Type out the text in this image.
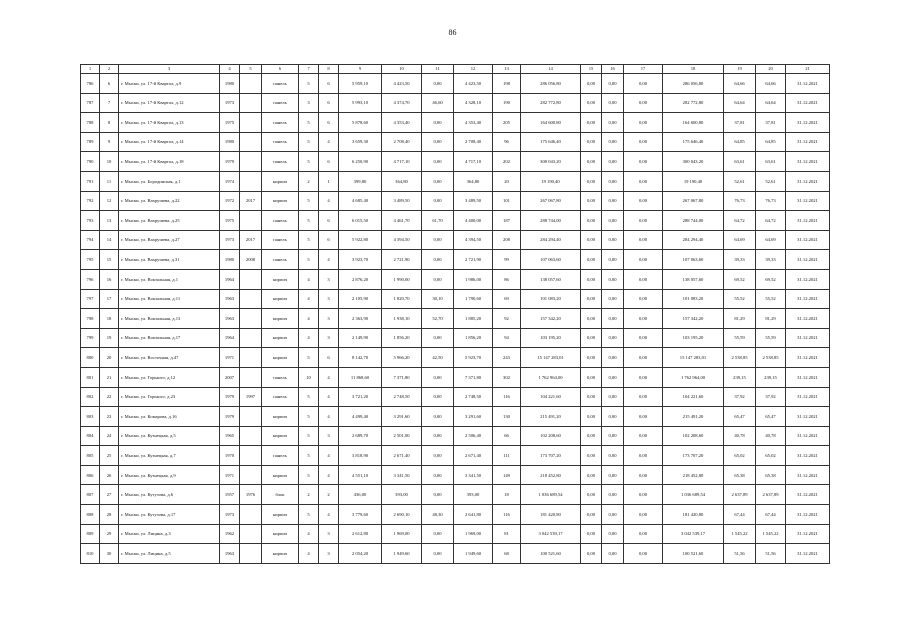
86
1	2	3	4	5	6	7	8	9	10	11	12	13	14	15	16	17	18	19	20	21
786	6	г. Мыски, ул. 17-й Квартал, д.9	1980		панель	5	6	5 959,10	4 423,50	0,00	4 423,50	198	286 056,80	0,00	0,00	0,00	286 056,80	64,66	64,66	31.12.2021
787	7	г. Мыски, ул. 17-й Квартал, д.12	1973		панель	3	6	5 993,10	4 374,70	46,60	4 328,10	190	282 772,80	0,00	0,00	0,00	282 772,80	64,64	64,64	31.12.2021
788	8	г. Мыски, ул. 17-й Квартал, д.13	1975		панель	5	6	5 878,60	4 353,40	0,00	4 353,40	205	164 600,80	0,00	0,00	0,00	164 600,80	37,81	37,81	31.12.2021
789	9	г. Мыски, ул. 17-й Квартал, д.14	1980		панель	5	4	3 659,30	2 708,40	0,00	2 708,40	96	175 646,40	0,00	0,00	0,00	175 646,40	64,85	64,85	31.12.2021
790	10	г. Мыски, ул. 17-й Квартал, д.18	1979		панель	5	6	6 250,90	4 717,10	0,00	4 717,10	202	300 043,20	0,00	0,00	0,00	300 043,20	63,61	63,61	31.12.2021
791	11	г. Мыски, ул. Бородинская, д.1	1974		кирпич	2	1	399,80	364,80	0,00	364,80	20	19 190,40	0,00	0,00	0,00	19 190,40	52,61	52,61	31.12.2021
792	12	г. Мыски, ул. Вахрушева, д.22	1972	2017	кирпич	5	4	4 685,40	3 489,50	0,00	3 489,50	101	267 067,80	0,00	0,00	0,00	267 067,80	76,73	76,73	31.12.2021
793	13	г. Мыски, ул. Вахрушева, д.25	1975		панель	5	6	6 015,50	4 461,70	61,70	4 400,00	187	288 744,00	0,00	0,00	0,00	288 744,00	64,72	64,72	31.12.2021
794	14	г. Мыски, ул. Вахрушева, д.27	1973	2017	панель	5	6	5 922,80	4 394,50	0,00	4 394,50	208	284 294,40	0,00	0,00	0,00	284 294,40	64,69	64,69	31.12.2021
795	15	г. Мыски, ул. Вахрушева, д.31	1980	2008	панель	5	4	3 923,70	2 721,90	0,00	2 721,90	99	107 063,60	0,00	0,00	0,00	107 063,60	39,33	39,33	31.12.2021
796	16	г. Мыски, ул. Вокзальная, д.1	1964		кирпич	4	3	2 876,20	1 990,00	0,00	1 986,00	86	138 057,60	0,00	0,00	0,00	138 057,60	69,52	69,52	31.12.2021
797	17	г. Мыски, ул. Вокзальная, д.11	1963		кирпич	4	3	2 105,90	1 820,70	30,10	1 790,60	69	101 083,20	0,00	0,00	0,00	101 083,20	55,52	55,52	31.12.2021
798	18	г. Мыски, ул. Вокзальная, д.13	1963		кирпич	4	3	2 363,90	1 938,10	52,70	1 885,20	92	157 342,20	0,00	0,00	0,00	157 342,20	81,29	81,29	31.12.2021
799	19	г. Мыски, ул. Вокзальная, д.17	1964		кирпич	4	3	2 149,90	1 856,20	0,00	1 856,20	94	103 195,20	0,00	0,00	0,00	103 195,20	55,59	55,59	31.12.2021
800	20	г. Мыски, ул. Восточная, д.47	1971		кирпич	5	6	8 142,70	5 966,20	42,50	5 923,70	243	15 147 283,01	0,00	0,00	0,00	15 147 283,01	2 538,85	2 538,85	31.12.2021
801	21	г. Мыски, ул. Горького, д.12	2007		панель	10	4	11 868,60	7 371,80	0,00	7 371,80	302	1 762 964,00	0,00	0,00	0,00	1 762 964,00	239,15	239,15	31.12.2021
802	22	г. Мыски, ул. Горького, д.23	1979	1997	панель	5	4	3 721,20	2 748,50	0,00	2 748,50	116	104 221,60	0,00	0,00	0,00	104 221,60	37,92	37,92	31.12.2021
803	23	г. Мыски, ул. Комарова, д.16	1979		кирпич	5	4	4 499,40	3 291,60	0,00	3 291,60	130	215 491,20	0,00	0,00	0,00	215 491,20	65,47	65,47	31.12.2021
804	24	г. Мыски, ул. Кузнецкая, д.5	1965		кирпич	5	3	2 689,70	2 501,00	0,00	2 506,40	66	102 208,60	0,00	0,00	0,00	102 208,60	40,78	40,78	31.12.2021
805	25	г. Мыски, ул. Кузнецкая, д.7	1970		панель	5	4	3 818,90	2 671,40	0,00	2 671,40	111	173 707,20	0,00	0,00	0,00	173 707,20	65,02	65,02	31.12.2021
806	26	г. Мыски, ул. Кузнецкая, д.9	1971		кирпич	5	4	4 551,10	3 341,50	0,00	3 341,50	149	218 452,80	0,00	0,00	0,00	218 452,80	65,38	65,38	31.12.2021
807	27	г. Мыски, ул. Кутузова, д.6	1957	1976	блок	2	2	436,00	393,00	0,00	393,00	18	1 036 689,54	0,00	0,00	0,00	1 036 689,54	2 637,89	2 637,89	31.12.2021
808	28	г. Мыски, ул. Кутузова, д.17	1973		кирпич	5	4	3 779,60	2 690,10	48,30	2 641,80	116	181 420,80	0,00	0,00	0,00	181 420,80	67,44	67,44	31.12.2021
809	29	г. Мыски, ул. Лицина, д.3	1962		кирпич	4	3	2 612,80	1 969,00	0,00	1 969,00	81	3 042 539,17	0,00	0,00	0,00	3 042 539,17	1 545,22	1 545,22	31.12.2021
810	30	г. Мыски, ул. Лицина, д.5	1963		кирпич	4	3	2 054,20	1 949,60	0,00	1 949,60	68	100 521,60	0,00	0,00	0,00	100 521,60	51,56	51,56	31.12.2021
